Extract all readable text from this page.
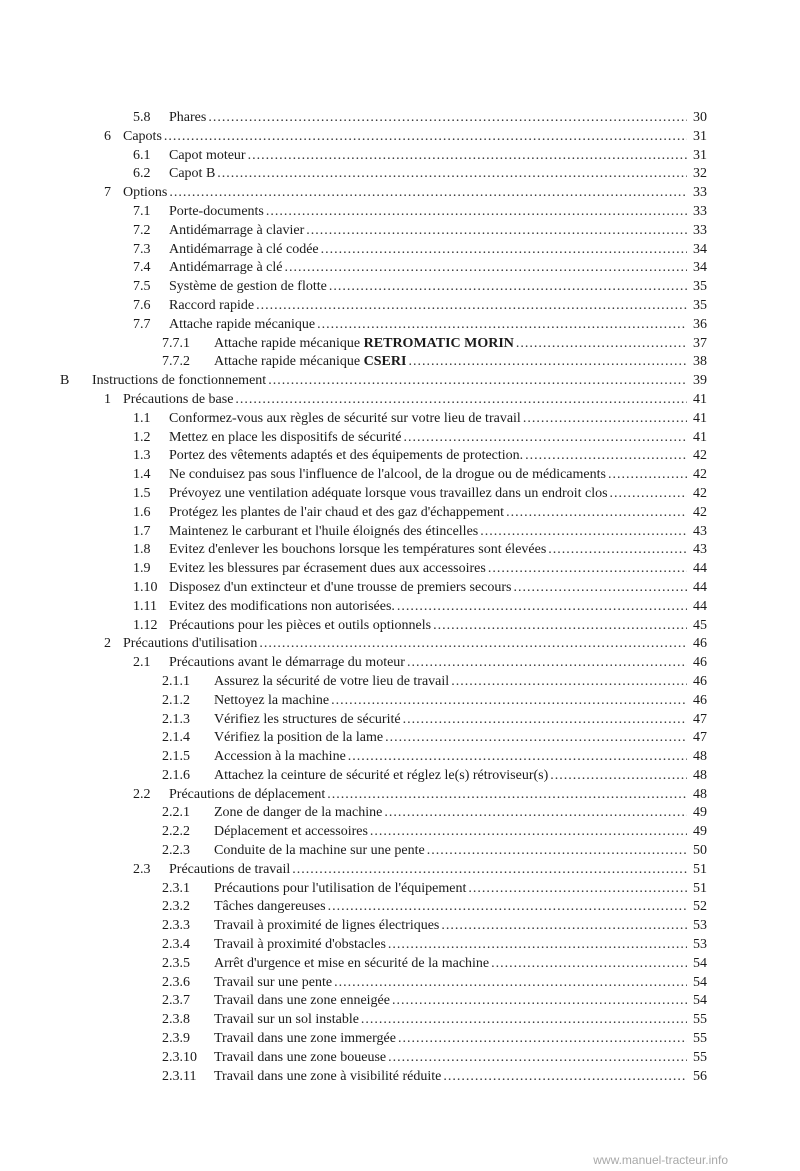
5.8 Phares .....	30
6 Capots .....	31
6.1 Capot moteur .....	31
6.2 Capot B .....	32
7 Options .....	33
7.1 Porte-documents .....	33
7.2 Antidémarrage à clavier .....	33
7.3 Antidémarrage à clé codée .....	34
7.4 Antidémarrage à clé .....	34
7.5 Système de gestion de flotte .....	35
7.6 Raccord rapide .....	35
7.7 Attache rapide mécanique .....	36
7.7.1 Attache rapide mécanique RETROMATIC MORIN .....	37
7.7.2 Attache rapide mécanique CSERI .....	38
B Instructions de fonctionnement .....	39
1 Précautions de base .....	41
1.1 Conformez-vous aux règles de sécurité sur votre lieu de travail .....	41
1.2 Mettez en place les dispositifs de sécurité .....	41
1.3 Portez des vêtements adaptés et des équipements de protection. .....	42
1.4 Ne conduisez pas sous l'influence de l'alcool, de la drogue ou de médicaments .....	42
1.5 Prévoyez une ventilation adéquate lorsque vous travaillez dans un endroit clos .....	42
1.6 Protégez les plantes de l'air chaud et des gaz d'échappement .....	42
1.7 Maintenez le carburant et l'huile éloignés des étincelles .....	43
1.8 Evitez d'enlever les bouchons lorsque les températures sont élevées .....	43
1.9 Evitez les blessures par écrasement dues aux accessoires .....	44
1.10 Disposez d'un extincteur et d'une trousse de premiers secours .....	44
1.11 Evitez des modifications non autorisées. .....	44
1.12 Précautions pour les pièces et outils optionnels .....	45
2 Précautions d'utilisation .....	46
2.1 Précautions avant le démarrage du moteur .....	46
2.1.1 Assurez la sécurité de votre lieu de travail .....	46
2.1.2 Nettoyez la machine .....	46
2.1.3 Vérifiez les structures de sécurité .....	47
2.1.4 Vérifiez la position de la lame .....	47
2.1.5 Accession à la machine .....	48
2.1.6 Attachez la ceinture de sécurité et réglez le(s) rétroviseur(s) .....	48
2.2 Précautions de déplacement .....	48
2.2.1 Zone de danger de la machine .....	49
2.2.2 Déplacement et accessoires .....	49
2.2.3 Conduite de la machine sur une pente .....	50
2.3 Précautions de travail .....	51
2.3.1 Précautions pour l'utilisation de l'équipement .....	51
2.3.2 Tâches dangereuses .....	52
2.3.3 Travail à proximité de lignes électriques .....	53
2.3.4 Travail à proximité d'obstacles .....	53
2.3.5 Arrêt d'urgence et mise en sécurité de la machine .....	54
2.3.6 Travail sur une pente .....	54
2.3.7 Travail dans une zone enneigée .....	54
2.3.8 Travail sur un sol instable .....	55
2.3.9 Travail dans une zone immergée .....	55
2.3.10 Travail dans une zone boueuse .....	55
2.3.11 Travail dans une zone à visibilité réduite .....	56
www.manuel-tracteur.info
